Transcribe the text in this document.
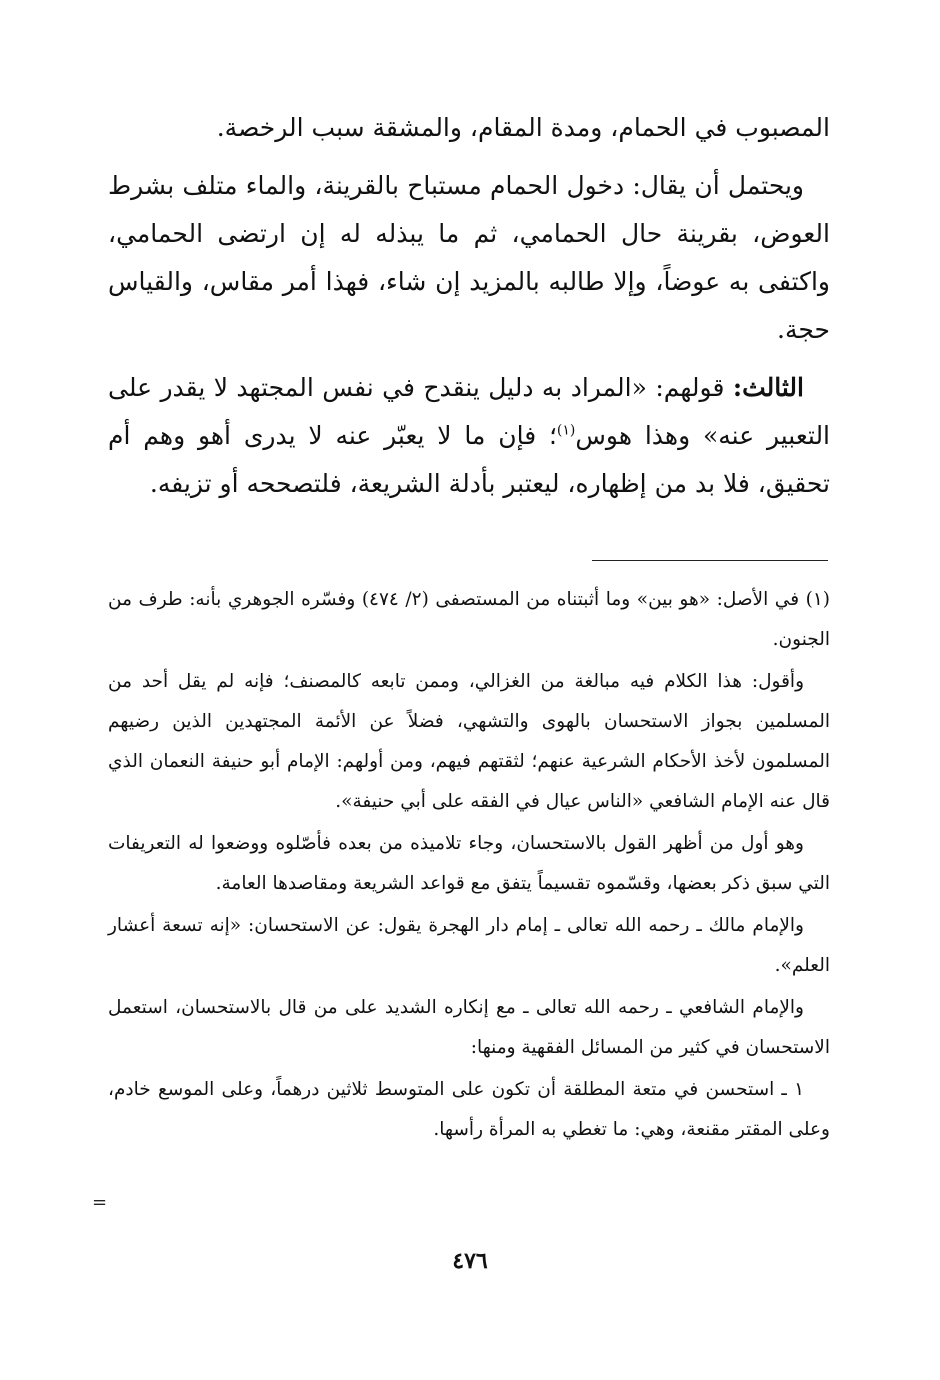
المصبوب في الحمام، ومدة المقام، والمشقة سبب الرخصة.

ويحتمل أن يقال: دخول الحمام مستباح بالقرينة، والماء متلف بشرط العوض، بقرينة حال الحمامي، ثم ما يبذله له إن ارتضى الحمامي، واكتفى به عوضاً، وإلا طالبه بالمزيد إن شاء، فهذا أمر مقاس، والقياس حجة.

الثالث: قولهم: «المراد به دليل ينقدح في نفس المجتهد لا يقدر على التعبير عنه» وهذا هوس$^{(١)}$؛ فإن ما لا يعبّر عنه لا يدرى أهو وهم أم تحقيق، فلا بد من إظهاره، ليعتبر بأدلة الشريعة، فلتصححه أو تزيفه.

(١) في الأصل: «هو بين» وما أثبتناه من المستصفى (٢/ ٤٧٤) وفسّره الجوهري بأنه: طرف من الجنون.

وأقول: هذا الكلام فيه مبالغة من الغزالي، وممن تابعه كالمصنف؛ فإنه لم يقل أحد من المسلمين بجواز الاستحسان بالهوى والتشهي، فضلاً عن الأئمة المجتهدين الذين رضيهم المسلمون لأخذ الأحكام الشرعية عنهم؛ لثقتهم فيهم، ومن أولهم: الإمام أبو حنيفة النعمان الذي قال عنه الإمام الشافعي «الناس عيال في الفقه على أبي حنيفة».

وهو أول من أظهر القول بالاستحسان، وجاء تلاميذه من بعده فأصّلوه ووضعوا له التعريفات التي سبق ذكر بعضها، وقسّموه تقسيماً يتفق مع قواعد الشريعة ومقاصدها العامة.

والإمام مالك ـ رحمه الله تعالى ـ إمام دار الهجرة يقول: عن الاستحسان: «إنه تسعة أعشار العلم».

والإمام الشافعي ـ رحمه الله تعالى ـ مع إنكاره الشديد على من قال بالاستحسان، استعمل الاستحسان في كثير من المسائل الفقهية ومنها:

١ ـ استحسن في متعة المطلقة أن تكون على المتوسط ثلاثين درهماً، وعلى الموسع خادم، وعلى المقتر مقنعة، وهي: ما تغطي به المرأة رأسها.

=
٤٧٦
